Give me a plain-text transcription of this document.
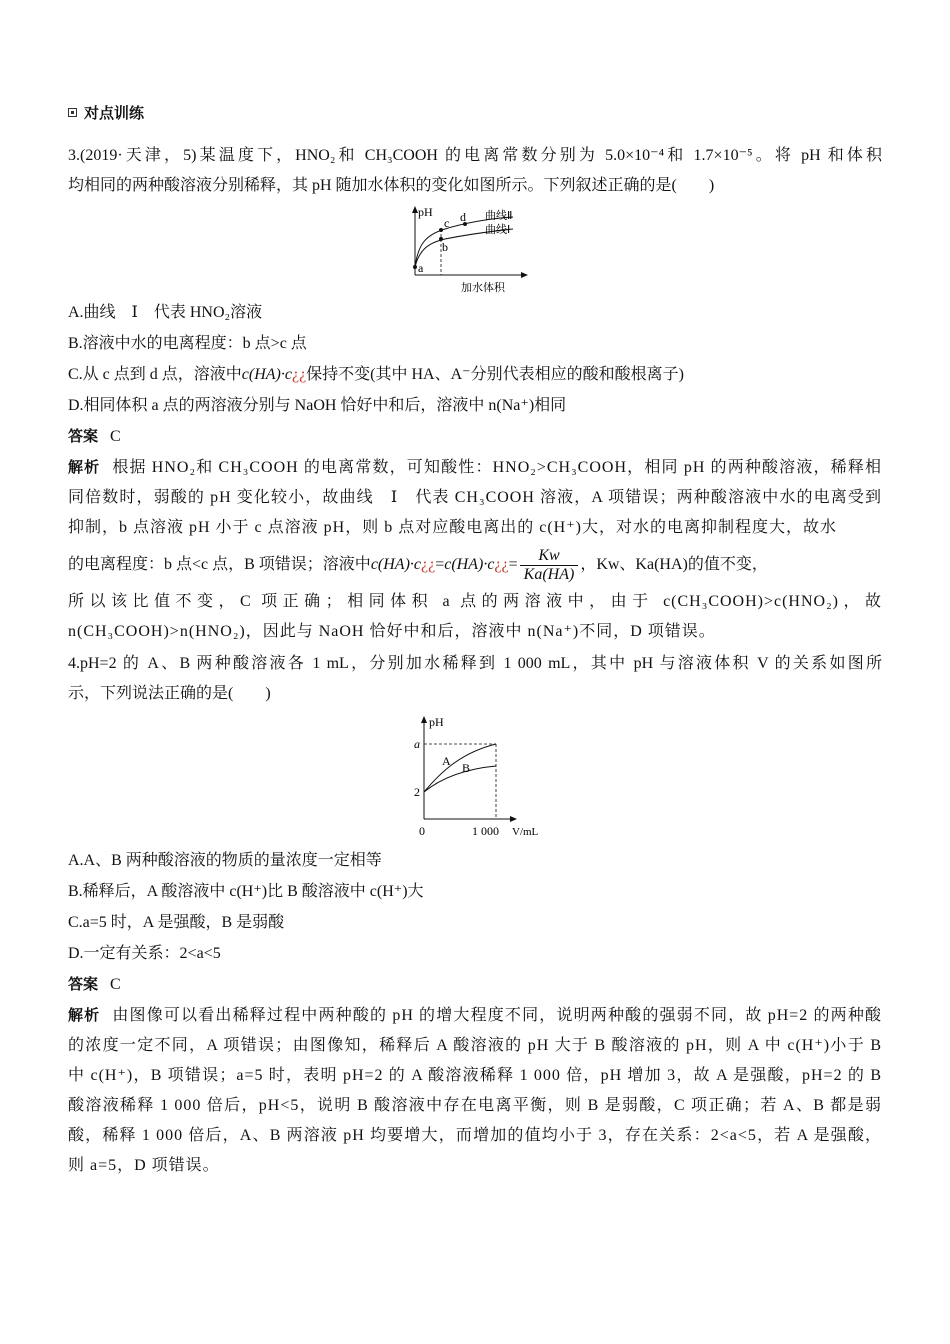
对点训练

3.(2019·天津，5)某温度下，HNO₂和 CH₃COOH 的电离常数分别为 5.0×10⁻⁴和 1.7×10⁻⁵。将 pH 和体积

均相同的两种酸溶液分别稀释，其 pH 随加水体积的变化如图所示。下列叙述正确的是(　　)

pH
加水体积
a
b
c d 曲线Ⅱ
曲线Ⅰ

A.曲线　Ⅰ　代表 HNO₂溶液

B.溶液中水的电离程度：b 点>c 点

C.从 c 点到 d 点，溶液中c(HA)·c¿¿保持不变(其中 HA、A⁻分别代表相应的酸和酸根离子)

D.相同体积 a 点的两溶液分别与 NaOH 恰好中和后，溶液中 n(Na⁺)相同

答案 C

解析 根据 HNO₂和 CH₃COOH 的电离常数，可知酸性：HNO₂>CH₃COOH，相同 pH 的两种酸溶液，稀释相同倍数时，弱酸的 pH 变化较小，故曲线　Ⅰ　代表 CH₃COOH 溶液，A 项错误；两种酸溶液中水的电离受到抑制，b 点溶液 pH 小于 c 点溶液 pH，则 b 点对应酸电离出的 c(H⁺)大，对水的电离抑制程度大，故水

的电离程度：b 点<c 点，B 项错误；溶液中c(HA)·c¿¿=c(HA)·c¿¿= $\frac{Kw}{Ka(HA)}$ ，Kw、Ka(HA)的值不变，

所以该比值不变，C 项正确；相同体积 a 点的两溶液中，由于 c(CH₃COOH)>c(HNO₂)，故 n(CH₃COOH)>n(HNO₂)，因此与 NaOH 恰好中和后，溶液中 n(Na⁺)不同，D 项错误。

4.pH=2 的 A、B 两种酸溶液各 1 mL，分别加水稀释到 1 000 mL，其中 pH 与溶液体积 V 的关系如图所

示，下列说法正确的是(　　)

pH
V/mL
a
2
0	1 000
A B

A.A、B 两种酸溶液的物质的量浓度一定相等

B.稀释后，A 酸溶液中 c(H⁺)比 B 酸溶液中 c(H⁺)大

C.a=5 时，A 是强酸，B 是弱酸

D.一定有关系：2<a<5

答案 C

解析 由图像可以看出稀释过程中两种酸的 pH 的增大程度不同，说明两种酸的强弱不同，故 pH=2 的两种酸的浓度一定不同，A 项错误；由图像知，稀释后 A 酸溶液的 pH 大于 B 酸溶液的 pH，则 A 中 c(H⁺)小于 B 中 c(H⁺)，B 项错误；a=5 时，表明 pH=2 的 A 酸溶液稀释 1 000 倍，pH 增加 3，故 A 是强酸，pH=2 的 B 酸溶液稀释 1 000 倍后，pH<5，说明 B 酸溶液中存在电离平衡，则 B 是弱酸，C 项正确；若 A、B 都是弱酸，稀释 1 000 倍后，A、B 两溶液 pH 均要增大，而增加的值均小于 3，存在关系：2<a<5，若 A 是强酸，则 a=5，D 项错误。
